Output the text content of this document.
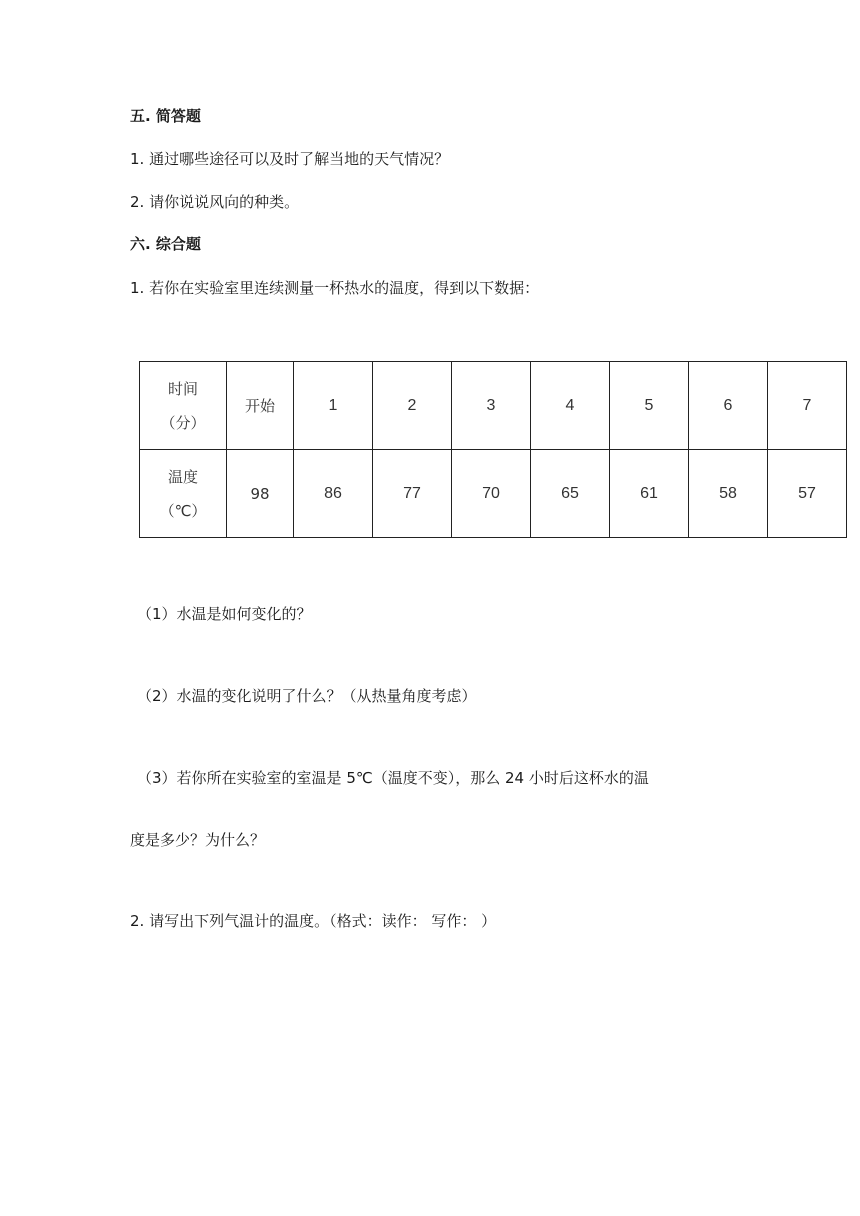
五. 简答题
1. 通过哪些途径可以及时了解当地的天气情况？
2. 请你说说风向的种类。
六. 综合题
1. 若你在实验室里连续测量一杯热水的温度，得到以下数据：
时间
（分）	开始	1	2	3	4	5	6	7

温度
（℃）	98	86	77	70	65	61	58	57
（1）水温是如何变化的？
（2）水温的变化说明了什么？（从热量角度考虑）
（3）若你所在实验室的室温是 5℃（温度不变），那么 24 小时后这杯水的温
度是多少？为什么？
2. 请写出下列气温计的温度。（格式：读作： 写作： ）
